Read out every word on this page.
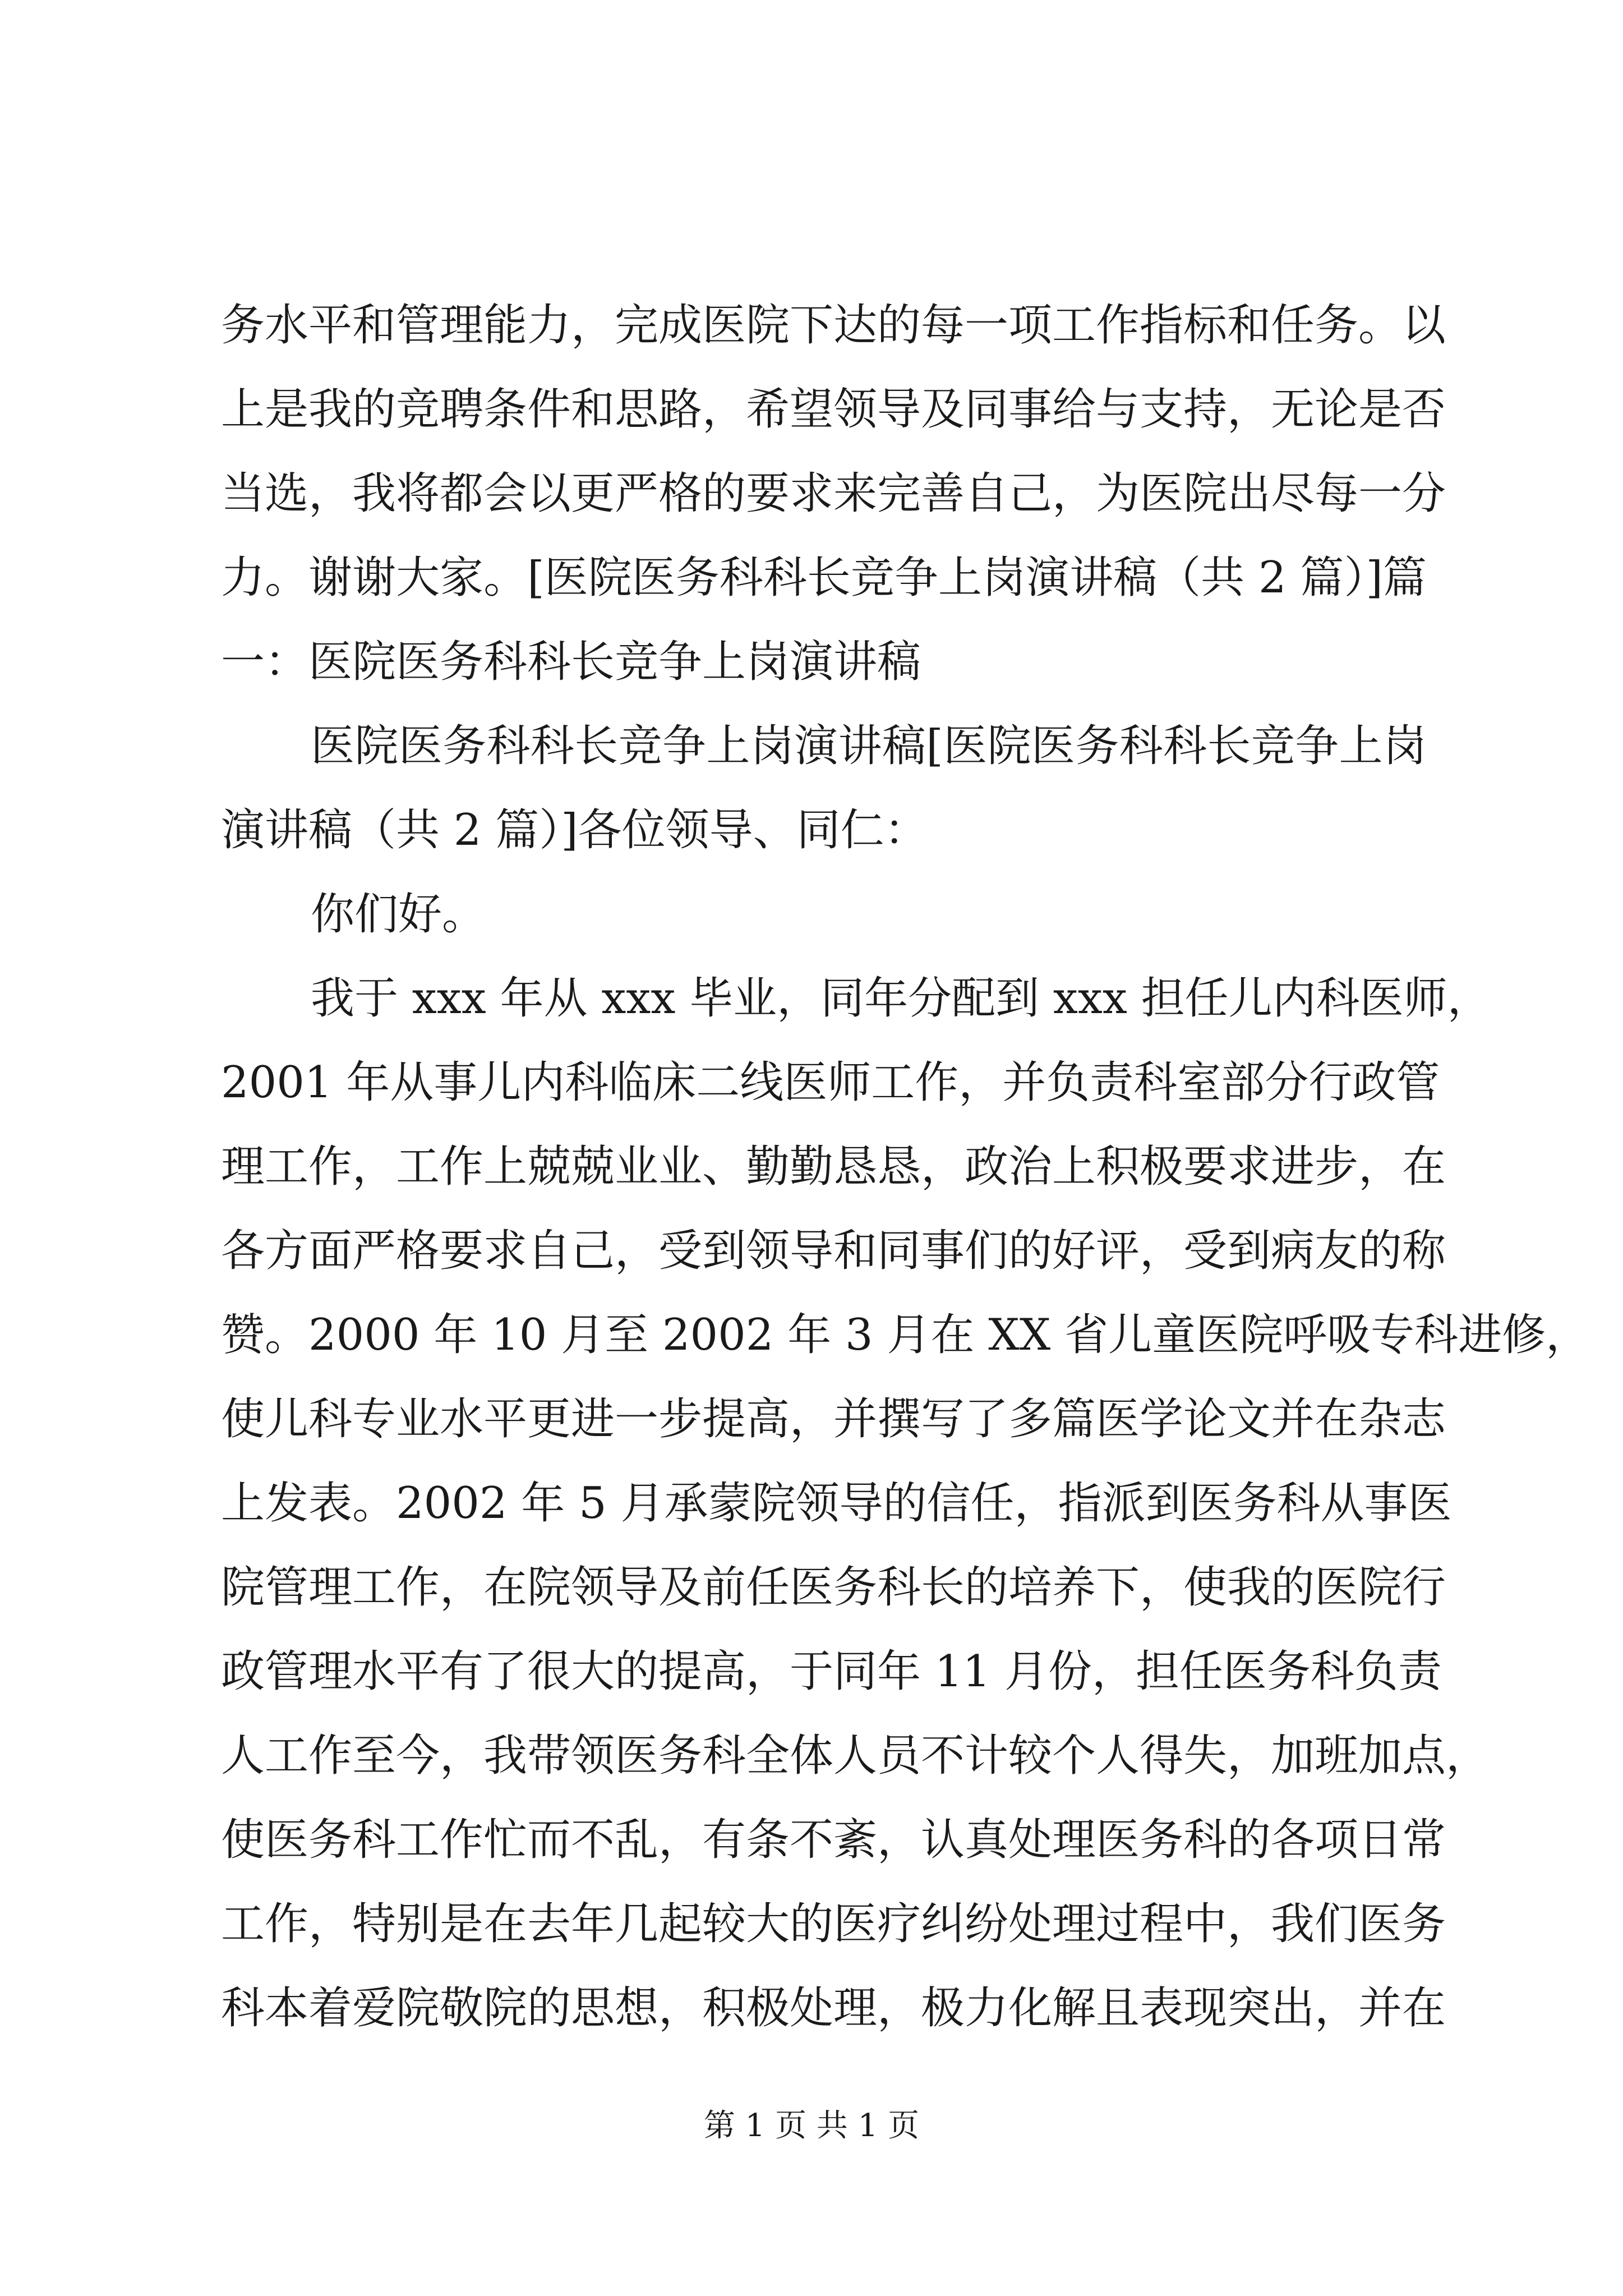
务水平和管理能力，完成医院下达的每一项工作指标和任务。以
上是我的竞聘条件和思路，希望领导及同事给与支持，无论是否
当选，我将都会以更严格的要求来完善自己，为医院出尽每一分
力。谢谢大家。[医院医务科科长竞争上岗演讲稿（共 2 篇）]篇
一：医院医务科科长竞争上岗演讲稿
医院医务科科长竞争上岗演讲稿[医院医务科科长竞争上岗
演讲稿（共 2 篇）]各位领导、同仁：
你们好。
我于 xxx 年从 xxx 毕业，同年分配到 xxx 担任儿内科医师，
2001 年从事儿内科临床二线医师工作，并负责科室部分行政管
理工作，工作上兢兢业业、勤勤恳恳，政治上积极要求进步，在
各方面严格要求自己，受到领导和同事们的好评，受到病友的称
赞。2000 年 10 月至 2002 年 3 月在 XX 省儿童医院呼吸专科进修，
使儿科专业水平更进一步提高，并撰写了多篇医学论文并在杂志
上发表。2002 年 5 月承蒙院领导的信任，指派到医务科从事医
院管理工作，在院领导及前任医务科长的培养下，使我的医院行
政管理水平有了很大的提高，于同年 11 月份，担任医务科负责
人工作至今，我带领医务科全体人员不计较个人得失，加班加点，
使医务科工作忙而不乱，有条不紊，认真处理医务科的各项日常
工作，特别是在去年几起较大的医疗纠纷处理过程中，我们医务
科本着爱院敬院的思想，积极处理，极力化解且表现突出，并在
第 1 页 共 1 页
